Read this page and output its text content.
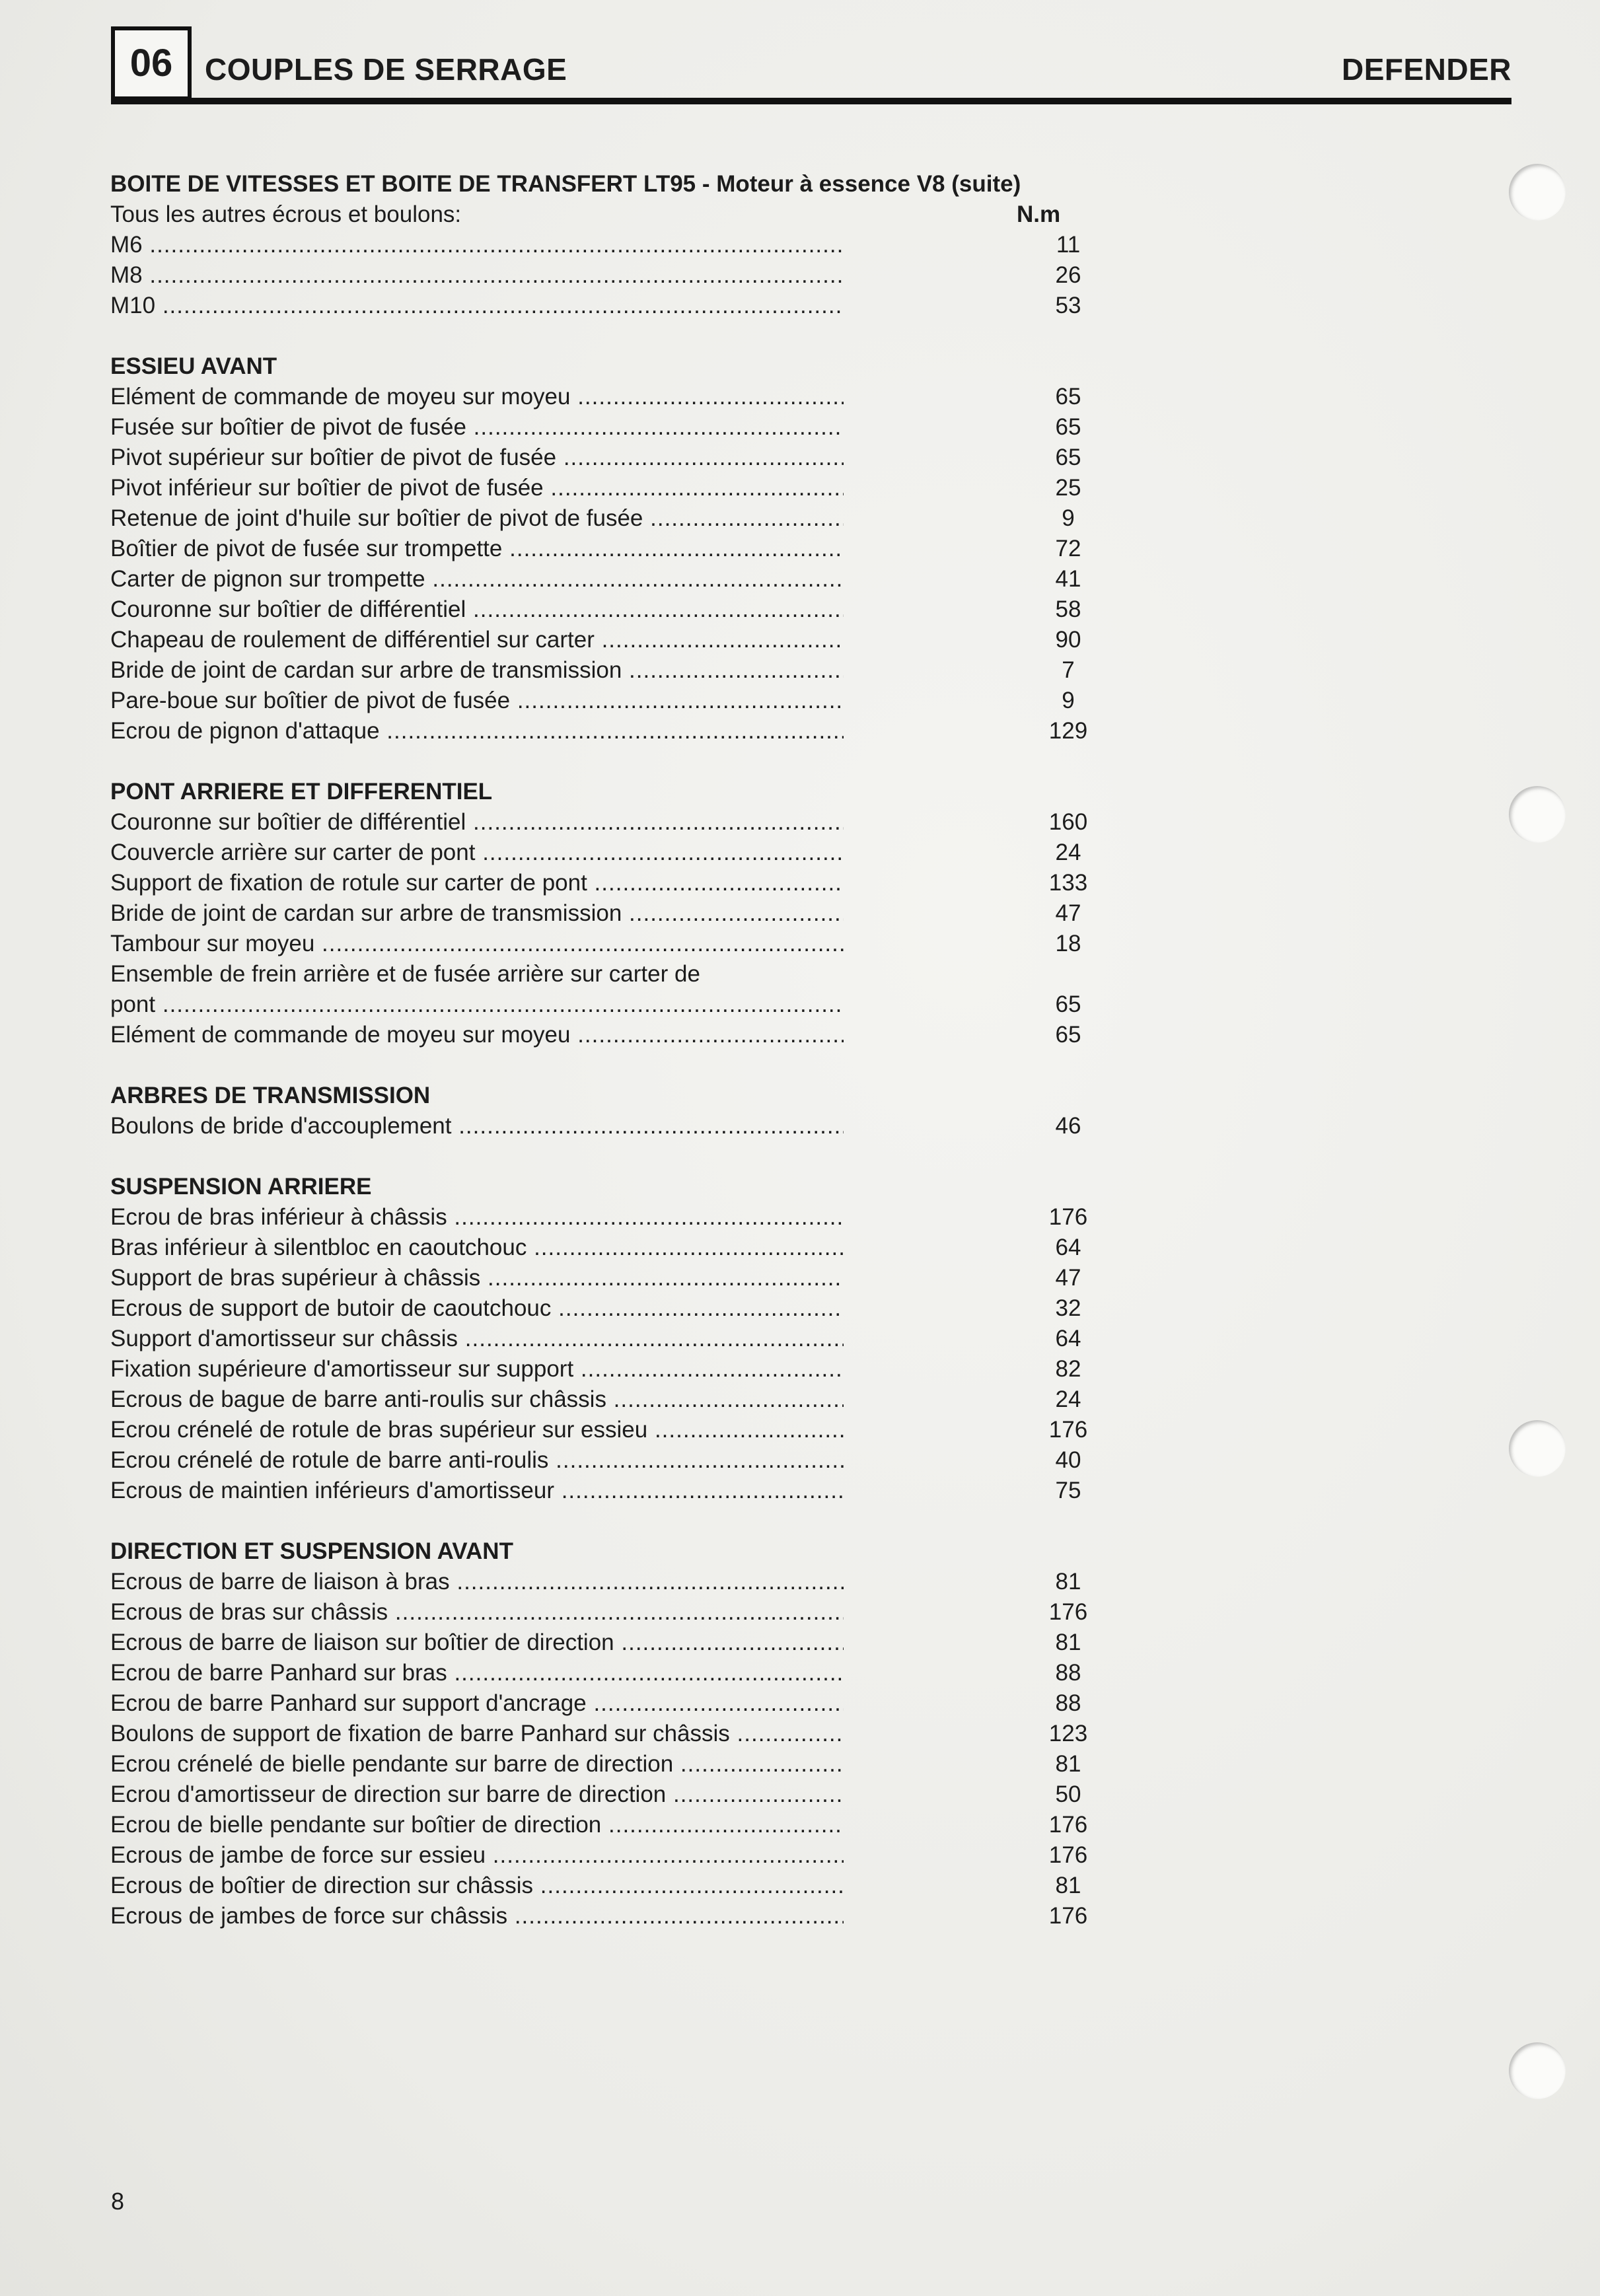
06	COUPLES DE SERRAGE	DEFENDER
BOITE DE VITESSES ET BOITE DE TRANSFERT LT95 - Moteur à essence V8 (suite)
Tous les autres écrous et boulons:	N.m
M6 .....	11
M8 .....	26
M10 .....	53
ESSIEU AVANT
Elément de commande de moyeu sur moyeu .....	65
Fusée sur boîtier de pivot de fusée .....	65
Pivot supérieur sur boîtier de pivot de fusée .....	65
Pivot inférieur sur boîtier de pivot de fusée .....	25
Retenue de joint d'huile sur boîtier de pivot de fusée .....	9
Boîtier de pivot de fusée sur trompette .....	72
Carter de pignon sur trompette .....	41
Couronne sur boîtier de différentiel .....	58
Chapeau de roulement de différentiel sur carter .....	90
Bride de joint de cardan sur arbre de transmission .....	7
Pare-boue sur boîtier de pivot de fusée .....	9
Ecrou de pignon d'attaque .....	129
PONT ARRIERE ET DIFFERENTIEL
Couronne sur boîtier de différentiel .....	160
Couvercle arrière sur carter de pont .....	24
Support de fixation de rotule sur carter de pont .....	133
Bride de joint de cardan sur arbre de transmission .....	47
Tambour sur moyeu .....	18
Ensemble de frein arrière et de fusée arrière sur carter de
pont .....	65
Elément de commande de moyeu sur moyeu .....	65
ARBRES DE TRANSMISSION
Boulons de bride d'accouplement .....	46
SUSPENSION ARRIERE
Ecrou de bras inférieur à châssis .....	176
Bras inférieur à silentbloc en caoutchouc .....	64
Support de bras supérieur à châssis .....	47
Ecrous de support de butoir de caoutchouc .....	32
Support d'amortisseur sur châssis .....	64
Fixation supérieure d'amortisseur sur support .....	82
Ecrous de bague de barre anti-roulis sur châssis .....	24
Ecrou crénelé de rotule de bras supérieur sur essieu .....	176
Ecrou crénelé de rotule de barre anti-roulis .....	40
Ecrous de maintien inférieurs d'amortisseur .....	75
DIRECTION ET SUSPENSION AVANT
Ecrous de barre de liaison à bras .....	81
Ecrous de bras sur châssis .....	176
Ecrous de barre de liaison sur boîtier de direction .....	81
Ecrou de barre Panhard sur bras .....	88
Ecrou de barre Panhard sur support d'ancrage .....	88
Boulons de support de fixation de barre Panhard sur châssis .....	123
Ecrou crénelé de bielle pendante sur barre de direction .....	81
Ecrou d'amortisseur de direction sur barre de direction .....	50
Ecrou de bielle pendante sur boîtier de direction .....	176
Ecrous de jambe de force sur essieu .....	176
Ecrous de boîtier de direction sur châssis .....	81
Ecrous de jambes de force sur châssis .....	176
8
